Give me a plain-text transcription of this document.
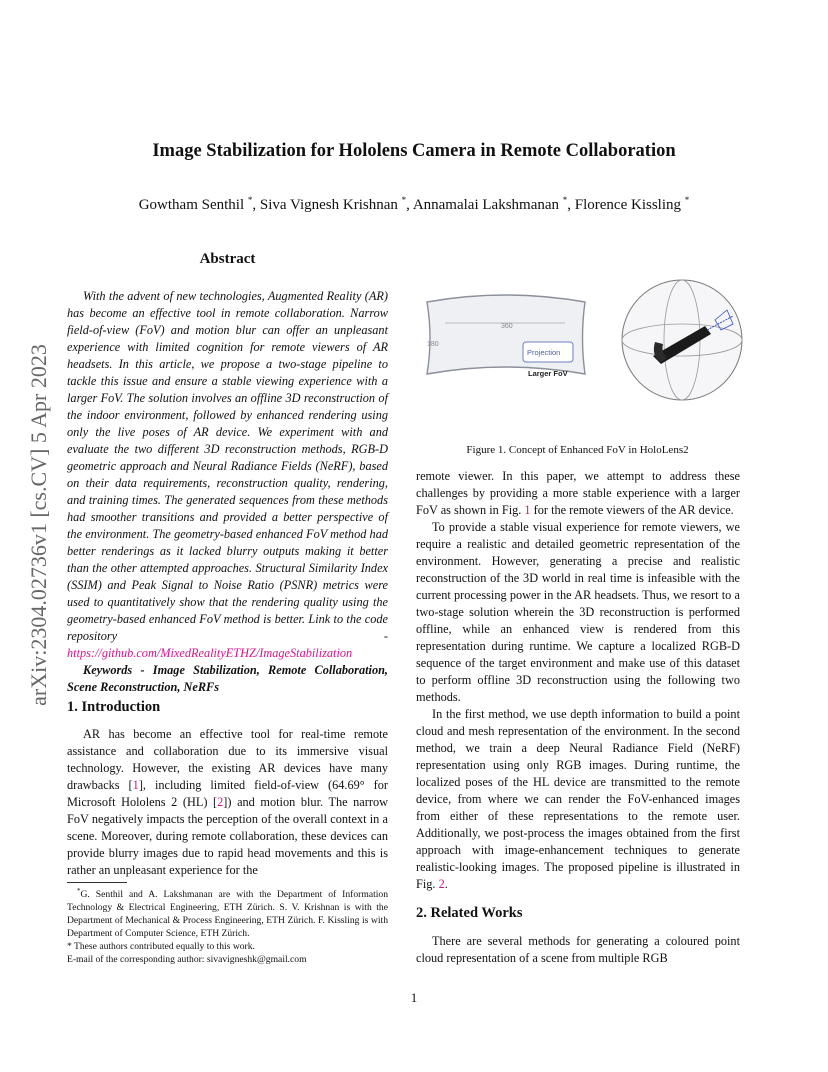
Image Stabilization for Hololens Camera in Remote Collaboration
Gowtham Senthil *, Siva Vignesh Krishnan *, Annamalai Lakshmanan *, Florence Kissling *
arXiv:2304.02736v1 [cs.CV] 5 Apr 2023
Abstract

With the advent of new technologies, Augmented Reality (AR) has become an effective tool in remote collaboration. Narrow field-of-view (FoV) and motion blur can offer an unpleasant experience with limited cognition for remote viewers of AR headsets. In this article, we propose a two-stage pipeline to tackle this issue and ensure a stable viewing experience with a larger FoV. The solution involves an offline 3D reconstruction of the indoor environment, followed by enhanced rendering using only the live poses of AR device. We experiment with and evaluate the two different 3D reconstruction methods, RGB-D geometric approach and Neural Radiance Fields (NeRF), based on their data requirements, reconstruction quality, rendering, and training times. The generated sequences from these methods had smoother transitions and provided a better perspective of the environment. The geometry-based enhanced FoV method had better renderings as it lacked blurry outputs making it better than the other attempted approaches. Structural Similarity Index (SSIM) and Peak Signal to Noise Ratio (PSNR) metrics were used to quantitatively show that the rendering quality using the geometry-based enhanced FoV method is better. Link to the code repository - https://github.com/MixedRealityETHZ/ImageStabilization

Keywords - Image Stabilization, Remote Collaboration, Scene Reconstruction, NeRFs

1. Introduction

AR has become an effective tool for real-time remote assistance and collaboration due to its immersive visual technology. However, the existing AR devices have many drawbacks [1], including limited field-of-view (64.69° for Microsoft Hololens 2 (HL) [2]) and motion blur. The narrow FoV negatively impacts the perception of the overall context in a scene. Moreover, during remote collaboration, these devices can provide blurry images due to rapid head movements and this is rather an unpleasant experience for the

*G. Senthil and A. Lakshmanan are with the Department of Information Technology & Electrical Engineering, ETH Zürich. S. V. Krishnan is with the Department of Mechanical & Process Engineering, ETH Zürich. F. Kissling is with Department of Computer Science, ETH Zürich.

* These authors contributed equally to this work.

E-mail of the corresponding author: sivavigneshk@gmail.com

360
180
Projection
Larger FoV
Figure 1. Concept of Enhanced FoV in HoloLens2

remote viewer. In this paper, we attempt to address these challenges by providing a more stable experience with a larger FoV as shown in Fig. 1 for the remote viewers of the AR device.

To provide a stable visual experience for remote viewers, we require a realistic and detailed geometric representation of the environment. However, generating a precise and realistic reconstruction of the 3D world in real time is infeasible with the current processing power in the AR headsets. Thus, we resort to a two-stage solution wherein the 3D reconstruction is performed offline, while an enhanced view is rendered from this representation during runtime. We capture a localized RGB-D sequence of the target environment and make use of this dataset to perform offline 3D reconstruction using the following two methods.

In the first method, we use depth information to build a point cloud and mesh representation of the environment. In the second method, we train a deep Neural Radiance Field (NeRF) representation using only RGB images. During runtime, the localized poses of the HL device are transmitted to the remote device, from where we can render the FoV-enhanced images from either of these representations to the remote user. Additionally, we post-process the images obtained from the first approach with image-enhancement techniques to generate realistic-looking images. The proposed pipeline is illustrated in Fig. 2.

2. Related Works

There are several methods for generating a coloured point cloud representation of a scene from multiple RGB

1
